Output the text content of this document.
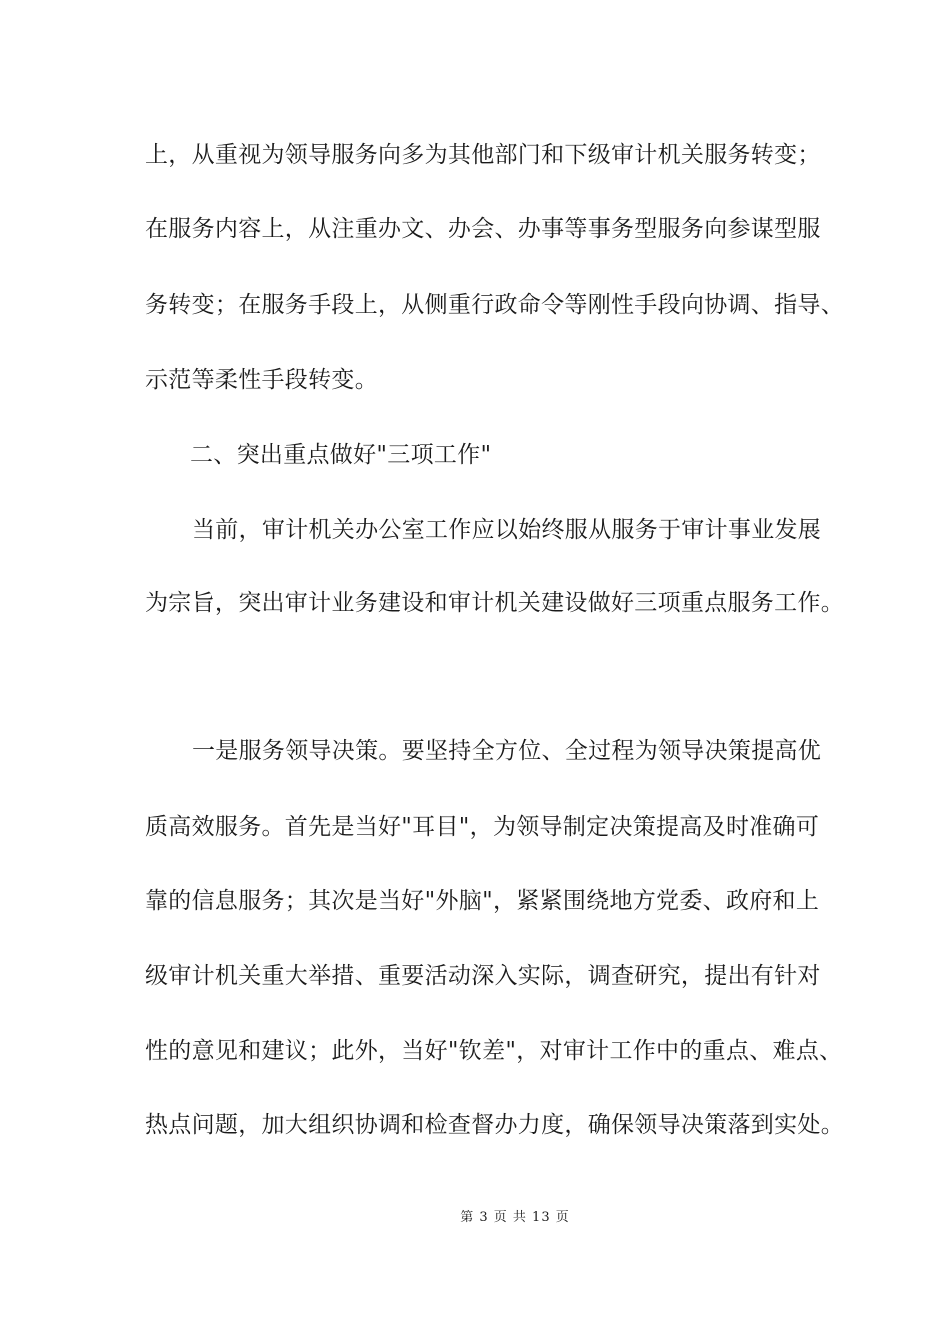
上，从重视为领导服务向多为其他部门和下级审计机关服务转变；
在服务内容上，从注重办文、办会、办事等事务型服务向参谋型服
务转变；在服务手段上，从侧重行政命令等刚性手段向协调、指导、
示范等柔性手段转变。
二、突出重点做好"三项工作"
当前，审计机关办公室工作应以始终服从服务于审计事业发展
为宗旨，突出审计业务建设和审计机关建设做好三项重点服务工作。
一是服务领导决策。要坚持全方位、全过程为领导决策提高优
质高效服务。首先是当好"耳目"，为领导制定决策提高及时准确可
靠的信息服务；其次是当好"外脑"，紧紧围绕地方党委、政府和上
级审计机关重大举措、重要活动深入实际，调查研究，提出有针对
性的意见和建议；此外，当好"钦差"，对审计工作中的重点、难点、
热点问题，加大组织协调和检查督办力度，确保领导决策落到实处。
第 3 页 共 13 页
